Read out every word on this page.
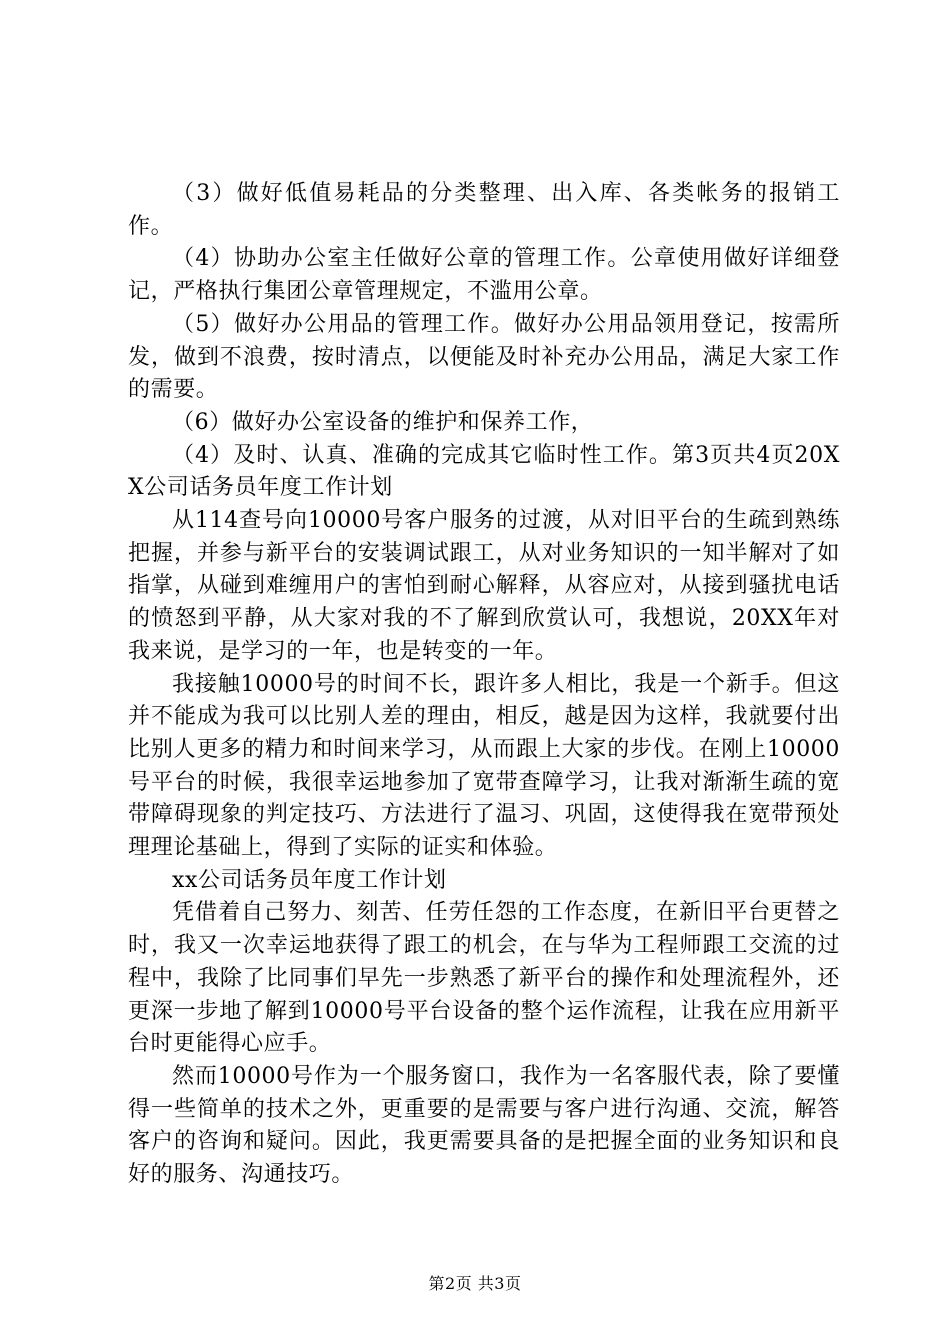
（3）做好低值易耗品的分类整理、出入库、各类帐务的报销工作。

（4）协助办公室主任做好公章的管理工作。公章使用做好详细登记，严格执行集团公章管理规定，不滥用公章。

（5）做好办公用品的管理工作。做好办公用品领用登记，按需所发，做到不浪费，按时清点，以便能及时补充办公用品，满足大家工作的需要。

（6）做好办公室设备的维护和保养工作，

（4）及时、认真、准确的完成其它临时性工作。第3页共4页20XX公司话务员年度工作计划

从114查号向10000号客户服务的过渡，从对旧平台的生疏到熟练把握，并参与新平台的安装调试跟工，从对业务知识的一知半解对了如指掌，从碰到难缠用户的害怕到耐心解释，从容应对，从接到骚扰电话的愤怒到平静，从大家对我的不了解到欣赏认可，我想说，20XX年对我来说，是学习的一年，也是转变的一年。

我接触10000号的时间不长，跟许多人相比，我是一个新手。但这并不能成为我可以比别人差的理由，相反，越是因为这样，我就要付出比别人更多的精力和时间来学习，从而跟上大家的步伐。在刚上10000号平台的时候，我很幸运地参加了宽带查障学习，让我对渐渐生疏的宽带障碍现象的判定技巧、方法进行了温习、巩固，这使得我在宽带预处理理论基础上，得到了实际的证实和体验。

xx公司话务员年度工作计划

凭借着自己努力、刻苦、任劳任怨的工作态度，在新旧平台更替之时，我又一次幸运地获得了跟工的机会，在与华为工程师跟工交流的过程中，我除了比同事们早先一步熟悉了新平台的操作和处理流程外，还更深一步地了解到10000号平台设备的整个运作流程，让我在应用新平台时更能得心应手。

然而10000号作为一个服务窗口，我作为一名客服代表，除了要懂得一些简单的技术之外，更重要的是需要与客户进行沟通、交流，解答客户的咨询和疑问。因此，我更需要具备的是把握全面的业务知识和良好的服务、沟通技巧。

第2页 共3页
